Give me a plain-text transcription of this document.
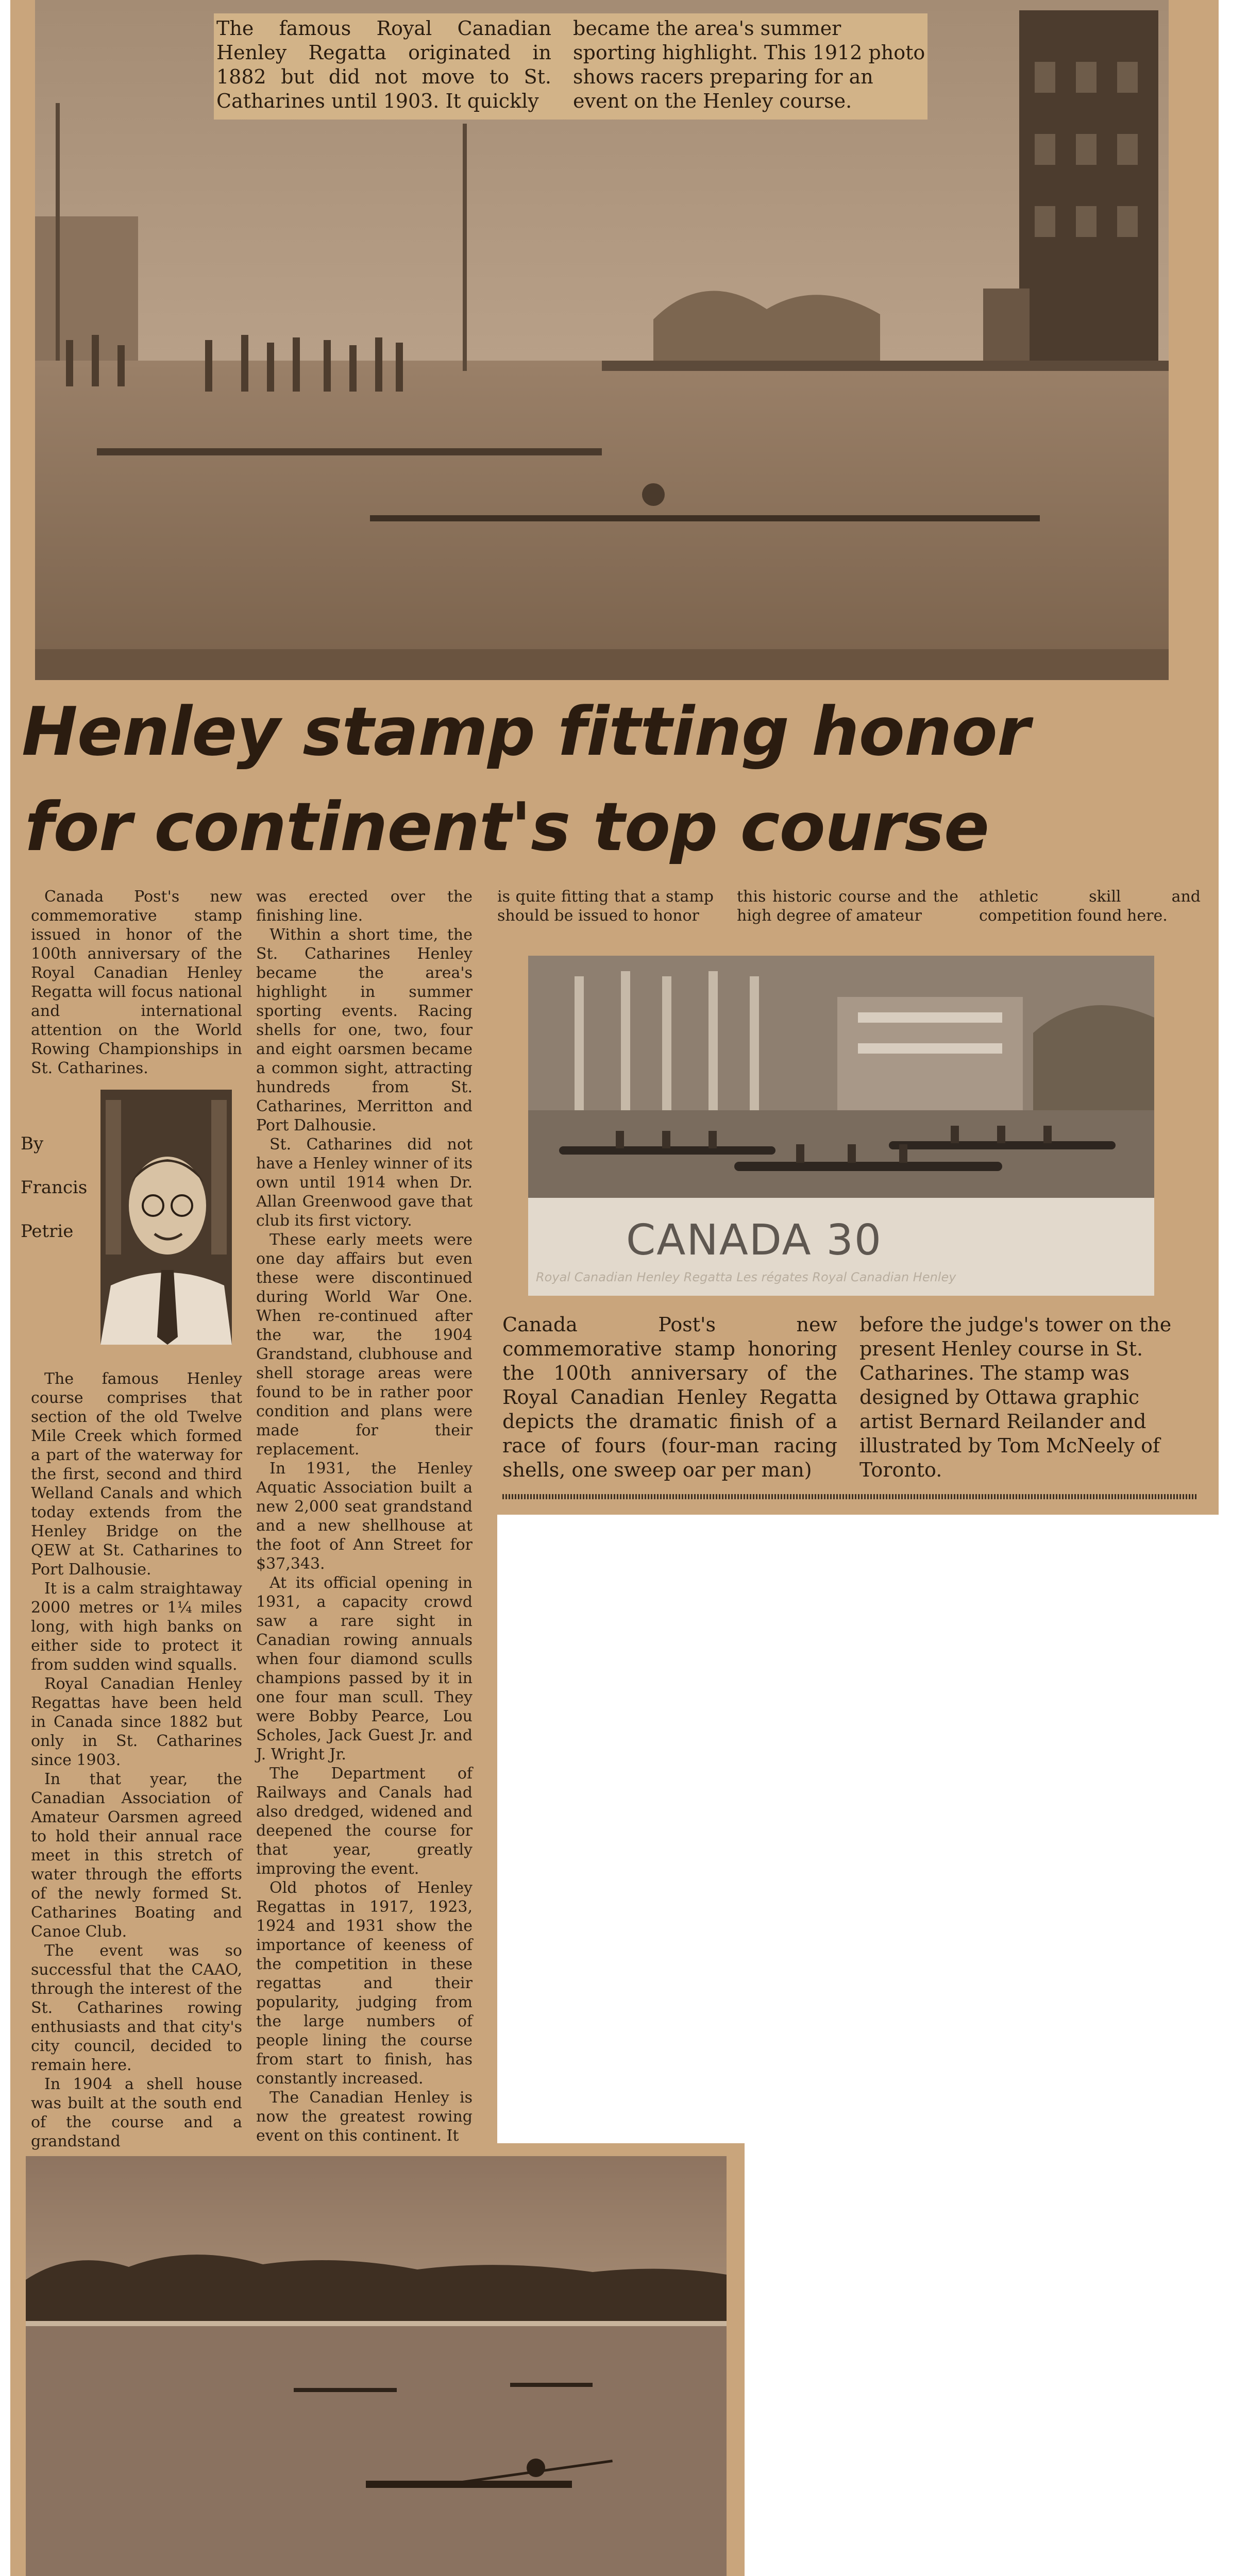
The famous Royal Canadian Henley Regatta originated in 1882 but did not move to St. Catharines until 1903. It quickly
became the area's summer sporting highlight. This 1912 photo shows racers preparing for an event on the Henley course.
Henley stamp fitting honor
for continent's top course

Canada Post's new commemorative stamp issued in honor of the 100th anniversary of the Royal Canadian Henley Regatta will focus national and international attention on the World Rowing Championships in St. Catharines.

By
Francis
Petrie

The famous Henley course comprises that section of the old Twelve Mile Creek which formed a part of the waterway for the first, second and third Welland Canals and which today extends from the Henley Bridge on the QEW at St. Catharines to Port Dalhousie.

It is a calm straightaway 2000 metres or 1¼ miles long, with high banks on either side to protect it from sudden wind squalls.

Royal Canadian Henley Regattas have been held in Canada since 1882 but only in St. Catharines since 1903.

In that year, the Canadian Association of Amateur Oarsmen agreed to hold their annual race meet in this stretch of water through the efforts of the newly formed St. Catharines Boating and Canoe Club.

The event was so successful that the CAAO, through the interest of the St. Catharines rowing enthusiasts and that city's city council, decided to remain here.

In 1904 a shell house was built at the south end of the course and a grandstand

was erected over the finishing line.

Within a short time, the St. Catharines Henley became the area's highlight in summer sporting events. Racing shells for one, two, four and eight oarsmen became a common sight, attracting hundreds from St. Catharines, Merritton and Port Dalhousie.

St. Catharines did not have a Henley winner of its own until 1914 when Dr. Allan Greenwood gave that club its first victory.

These early meets were one day affairs but even these were discontinued during World War One. When re-continued after the war, the 1904 Grandstand, clubhouse and shell storage areas were found to be in rather poor condition and plans were made for their replacement.

In 1931, the Henley Aquatic Association built a new 2,000 seat grandstand and a new shellhouse at the foot of Ann Street for $37,343.

At its official opening in 1931, a capacity crowd saw a rare sight in Canadian rowing annuals when four diamond sculls champions passed by it in one four man scull. They were Bobby Pearce, Lou Scholes, Jack Guest Jr. and J. Wright Jr.

The Department of Railways and Canals had also dredged, widened and deepened the course for that year, greatly improving the event.

Old photos of Henley Regattas in 1917, 1923, 1924 and 1931 show the importance of keeness of the competition in these regattas and their popularity, judging from the large numbers of people lining the course from start to finish, has constantly increased.

The Canadian Henley is now the greatest rowing event on this continent. It

is quite fitting that a stamp should be issued to honor
this historic course and the high degree of amateur
athletic skill and competition found here.
CANADA 30
Royal Canadian Henley Regatta Les régates Royal Canadian Henley
Canada Post's new commemorative stamp honoring the 100th anniversary of the Royal Canadian Henley Regatta depicts the dramatic finish of a race of fours (four-man racing shells, one sweep oar per man)
before the judge's tower on the present Henley course in St. Catharines. The stamp was designed by Ottawa graphic artist Bernard Reilander and illustrated by Tom McNeely of Toronto.
